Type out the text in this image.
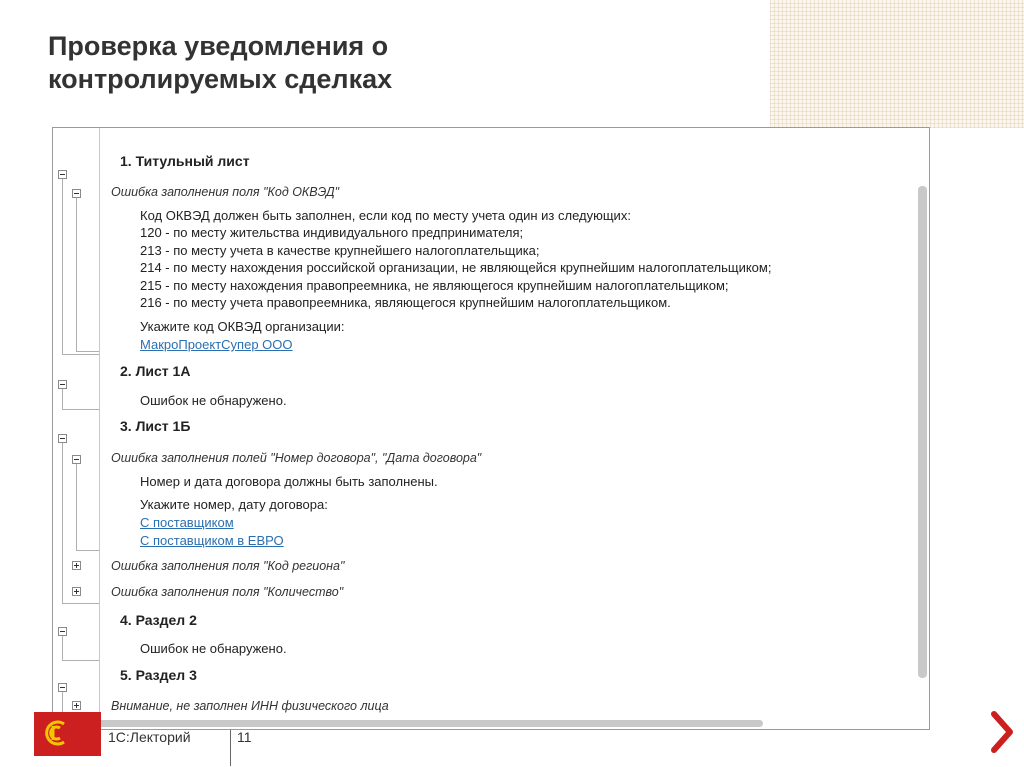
Проверка уведомления о
контролируемых сделках
1. Титульный лист
Ошибка заполнения поля "Код ОКВЭД"
Код ОКВЭД должен быть заполнен, если код по месту учета один из следующих:
120 - по месту жительства индивидуального предпринимателя;
213 - по месту учета в качестве крупнейшего налогоплательщика;
214 - по месту нахождения российской организации, не являющейся крупнейшим налогоплательщиком;
215 - по месту нахождения правопреемника, не являющегося крупнейшим налогоплательщиком;
216 - по месту учета правопреемника, являющегося крупнейшим налогоплательщиком.
Укажите код ОКВЭД организации:
МакроПроектСупер ООО
2. Лист 1А
Ошибок не обнаружено.
3. Лист 1Б
Ошибка заполнения полей "Номер договора", "Дата договора"
Номер и дата договора должны быть заполнены.
Укажите номер, дату договора:
С поставщиком
С поставщиком в ЕВРО
Ошибка заполнения поля "Код региона"
Ошибка заполнения поля "Количество"
4. Раздел 2
Ошибок не обнаружено.
5. Раздел 3
Внимание, не заполнен ИНН физического лица
1С:Лекторий	11
